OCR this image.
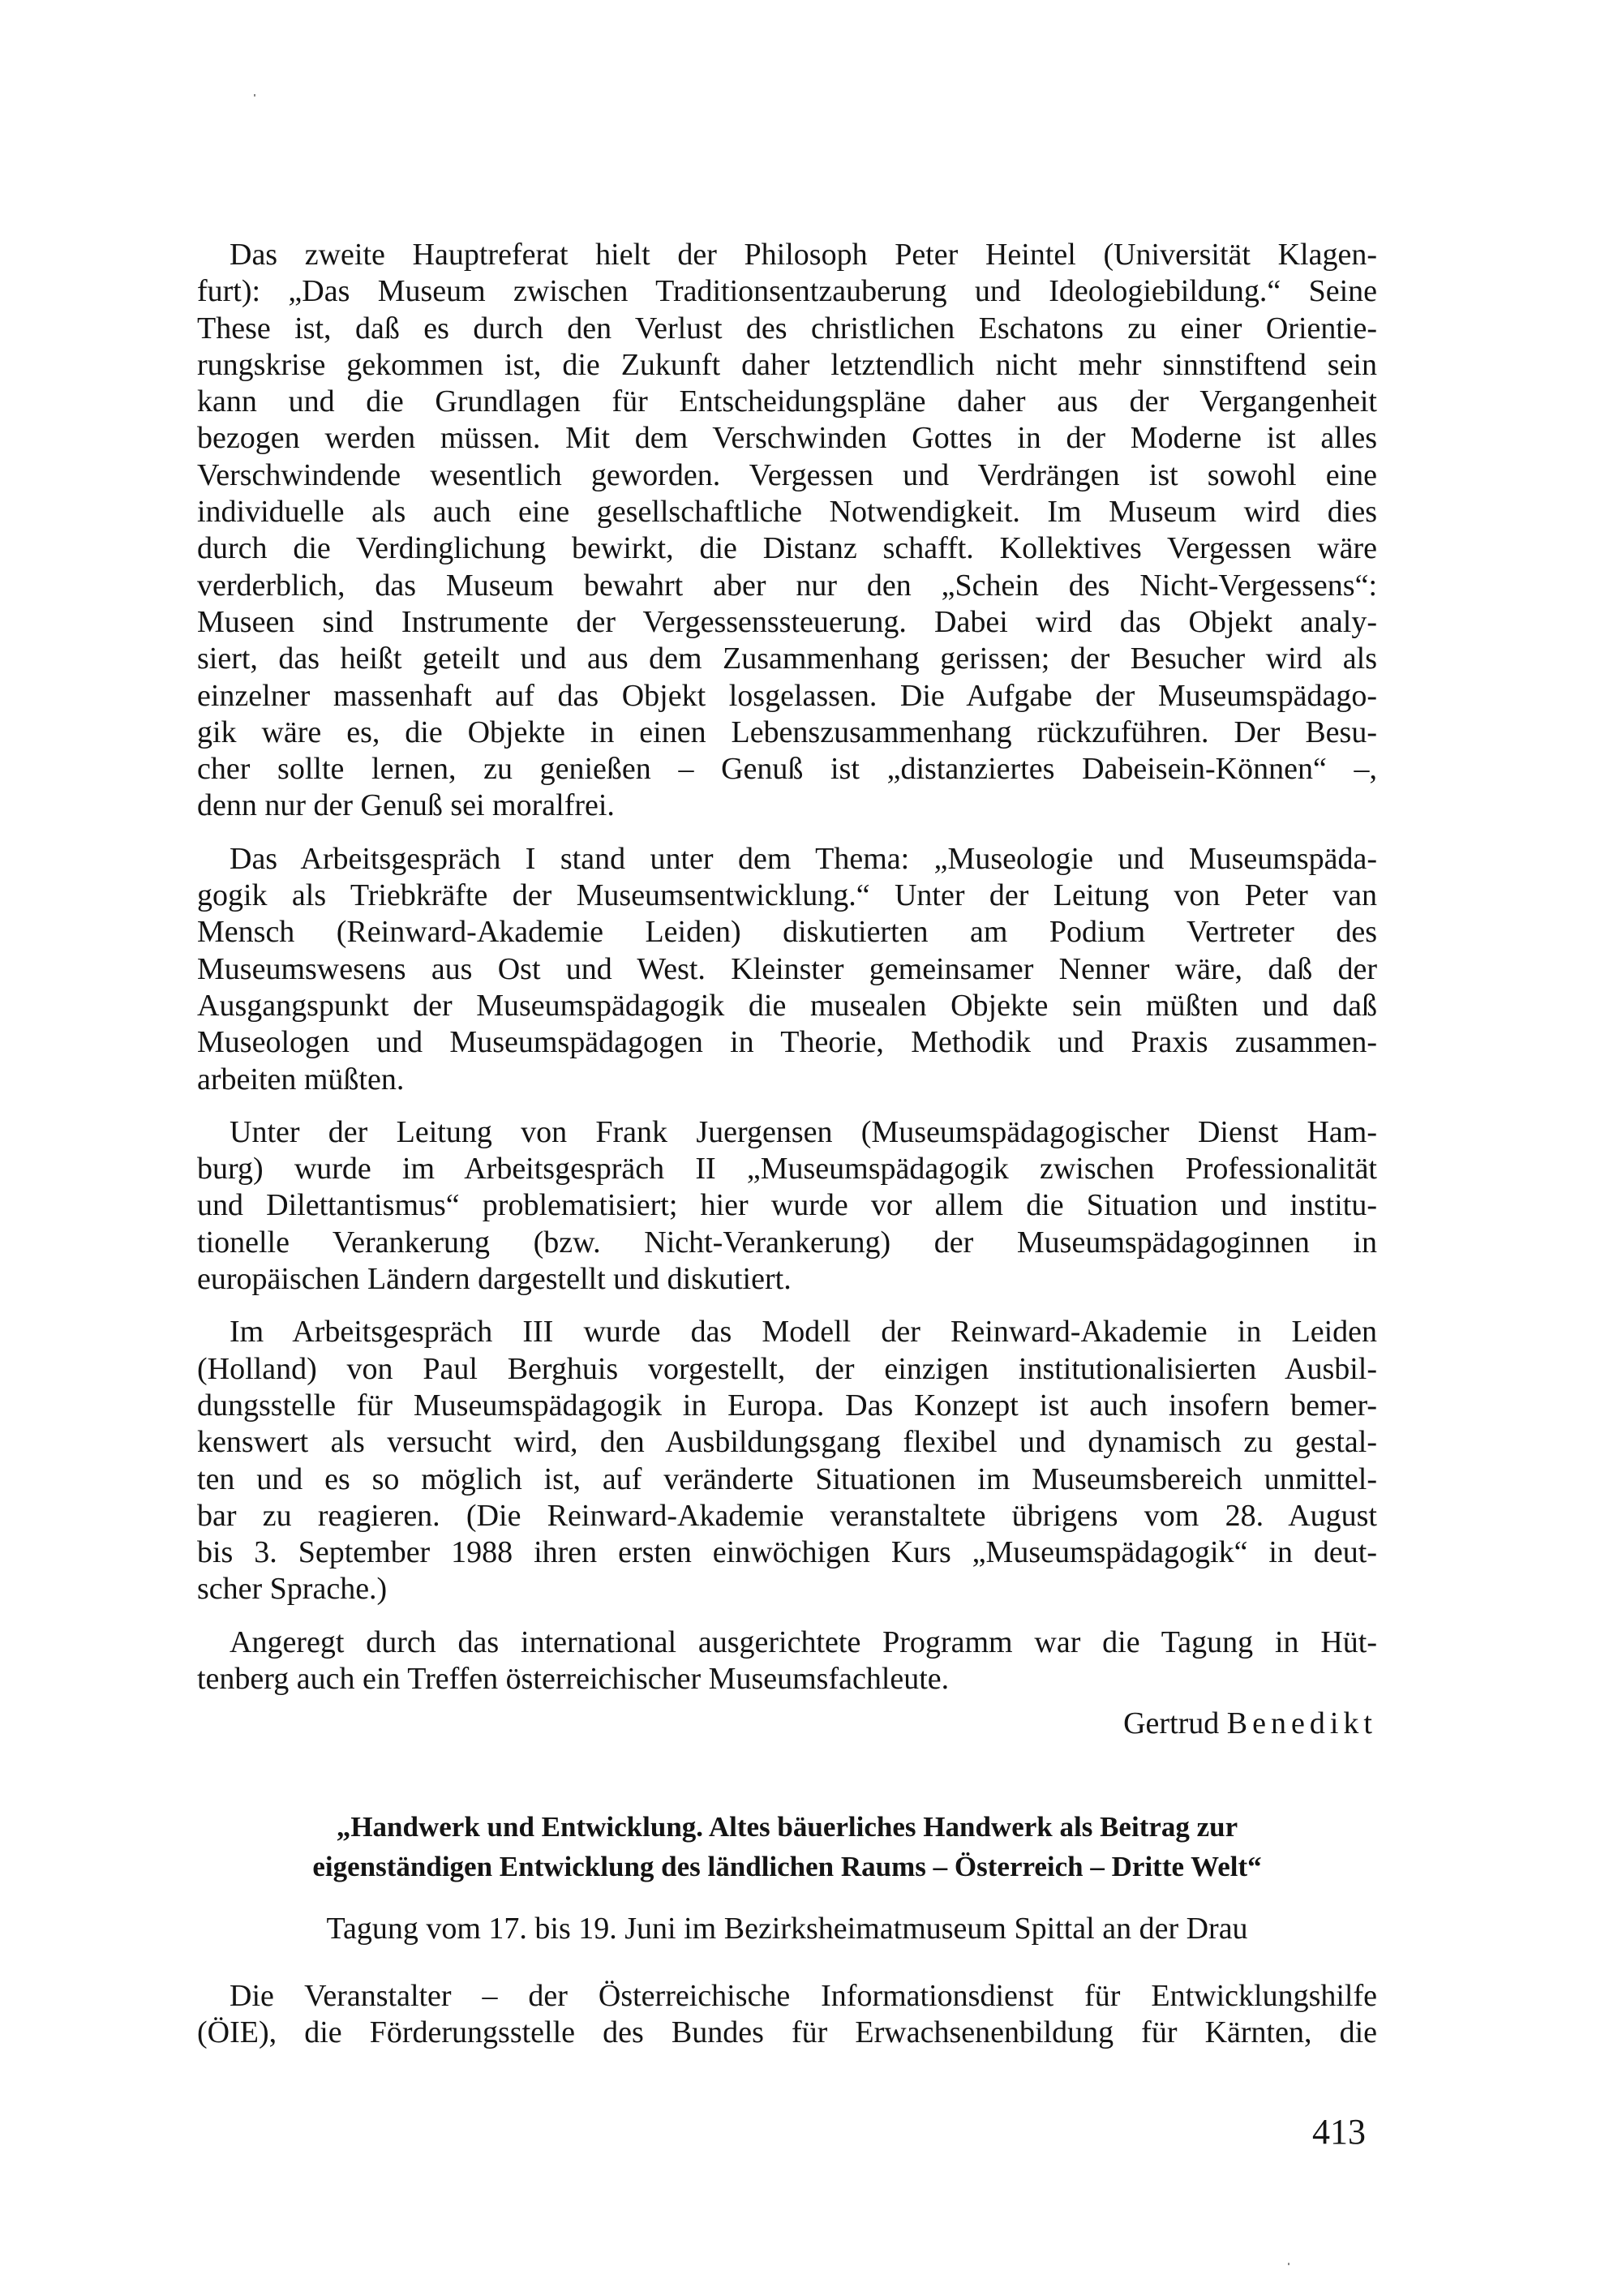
Das zweite Hauptreferat hielt der Philosoph Peter Heintel (Universität Klagen-
furt): „Das Museum zwischen Traditionsentzauberung und Ideologiebildung.“ Seine
These ist, daß es durch den Verlust des christlichen Eschatons zu einer Orientie-
rungskrise gekommen ist, die Zukunft daher letztendlich nicht mehr sinnstiftend sein
kann und die Grundlagen für Entscheidungspläne daher aus der Vergangenheit
bezogen werden müssen. Mit dem Verschwinden Gottes in der Moderne ist alles
Verschwindende wesentlich geworden. Vergessen und Verdrängen ist sowohl eine
individuelle als auch eine gesellschaftliche Notwendigkeit. Im Museum wird dies
durch die Verdinglichung bewirkt, die Distanz schafft. Kollektives Vergessen wäre
verderblich, das Museum bewahrt aber nur den „Schein des Nicht-Vergessens“:
Museen sind Instrumente der Vergessenssteuerung. Dabei wird das Objekt analy-
siert, das heißt geteilt und aus dem Zusammenhang gerissen; der Besucher wird als
einzelner massenhaft auf das Objekt losgelassen. Die Aufgabe der Museumspädago-
gik wäre es, die Objekte in einen Lebenszusammenhang rückzuführen. Der Besu-
cher sollte lernen, zu genießen – Genuß ist „distanziertes Dabeisein-Können“ –,
denn nur der Genuß sei moralfrei.

Das Arbeitsgespräch I stand unter dem Thema: „Museologie und Museumspäda-
gogik als Triebkräfte der Museumsentwicklung.“ Unter der Leitung von Peter van
Mensch (Reinward-Akademie Leiden) diskutierten am Podium Vertreter des
Museumswesens aus Ost und West. Kleinster gemeinsamer Nenner wäre, daß der
Ausgangspunkt der Museumspädagogik die musealen Objekte sein müßten und daß
Museologen und Museumspädagogen in Theorie, Methodik und Praxis zusammen-
arbeiten müßten.

Unter der Leitung von Frank Juergensen (Museumspädagogischer Dienst Ham-
burg) wurde im Arbeitsgespräch II „Museumspädagogik zwischen Professionalität
und Dilettantismus“ problematisiert; hier wurde vor allem die Situation und institu-
tionelle Verankerung (bzw. Nicht-Verankerung) der Museumspädagoginnen in
europäischen Ländern dargestellt und diskutiert.

Im Arbeitsgespräch III wurde das Modell der Reinward-Akademie in Leiden
(Holland) von Paul Berghuis vorgestellt, der einzigen institutionalisierten Ausbil-
dungsstelle für Museumspädagogik in Europa. Das Konzept ist auch insofern bemer-
kenswert als versucht wird, den Ausbildungsgang flexibel und dynamisch zu gestal-
ten und es so möglich ist, auf veränderte Situationen im Museumsbereich unmittel-
bar zu reagieren. (Die Reinward-Akademie veranstaltete übrigens vom 28. August
bis 3. September 1988 ihren ersten einwöchigen Kurs „Museumspädagogik“ in deut-
scher Sprache.)

Angeregt durch das international ausgerichtete Programm war die Tagung in Hüt-
tenberg auch ein Treffen österreichischer Museumsfachleute.

Gertrud Benedikt
„Handwerk und Entwicklung. Altes bäuerliches Handwerk als Beitrag zur
eigenständigen Entwicklung des ländlichen Raums – Österreich – Dritte Welt“
Tagung vom 17. bis 19. Juni im Bezirksheimatmuseum Spittal an der Drau

Die Veranstalter – der Österreichische Informationsdienst für Entwicklungshilfe
(ÖIE), die Förderungsstelle des Bundes für Erwachsenenbildung für Kärnten, die

413
